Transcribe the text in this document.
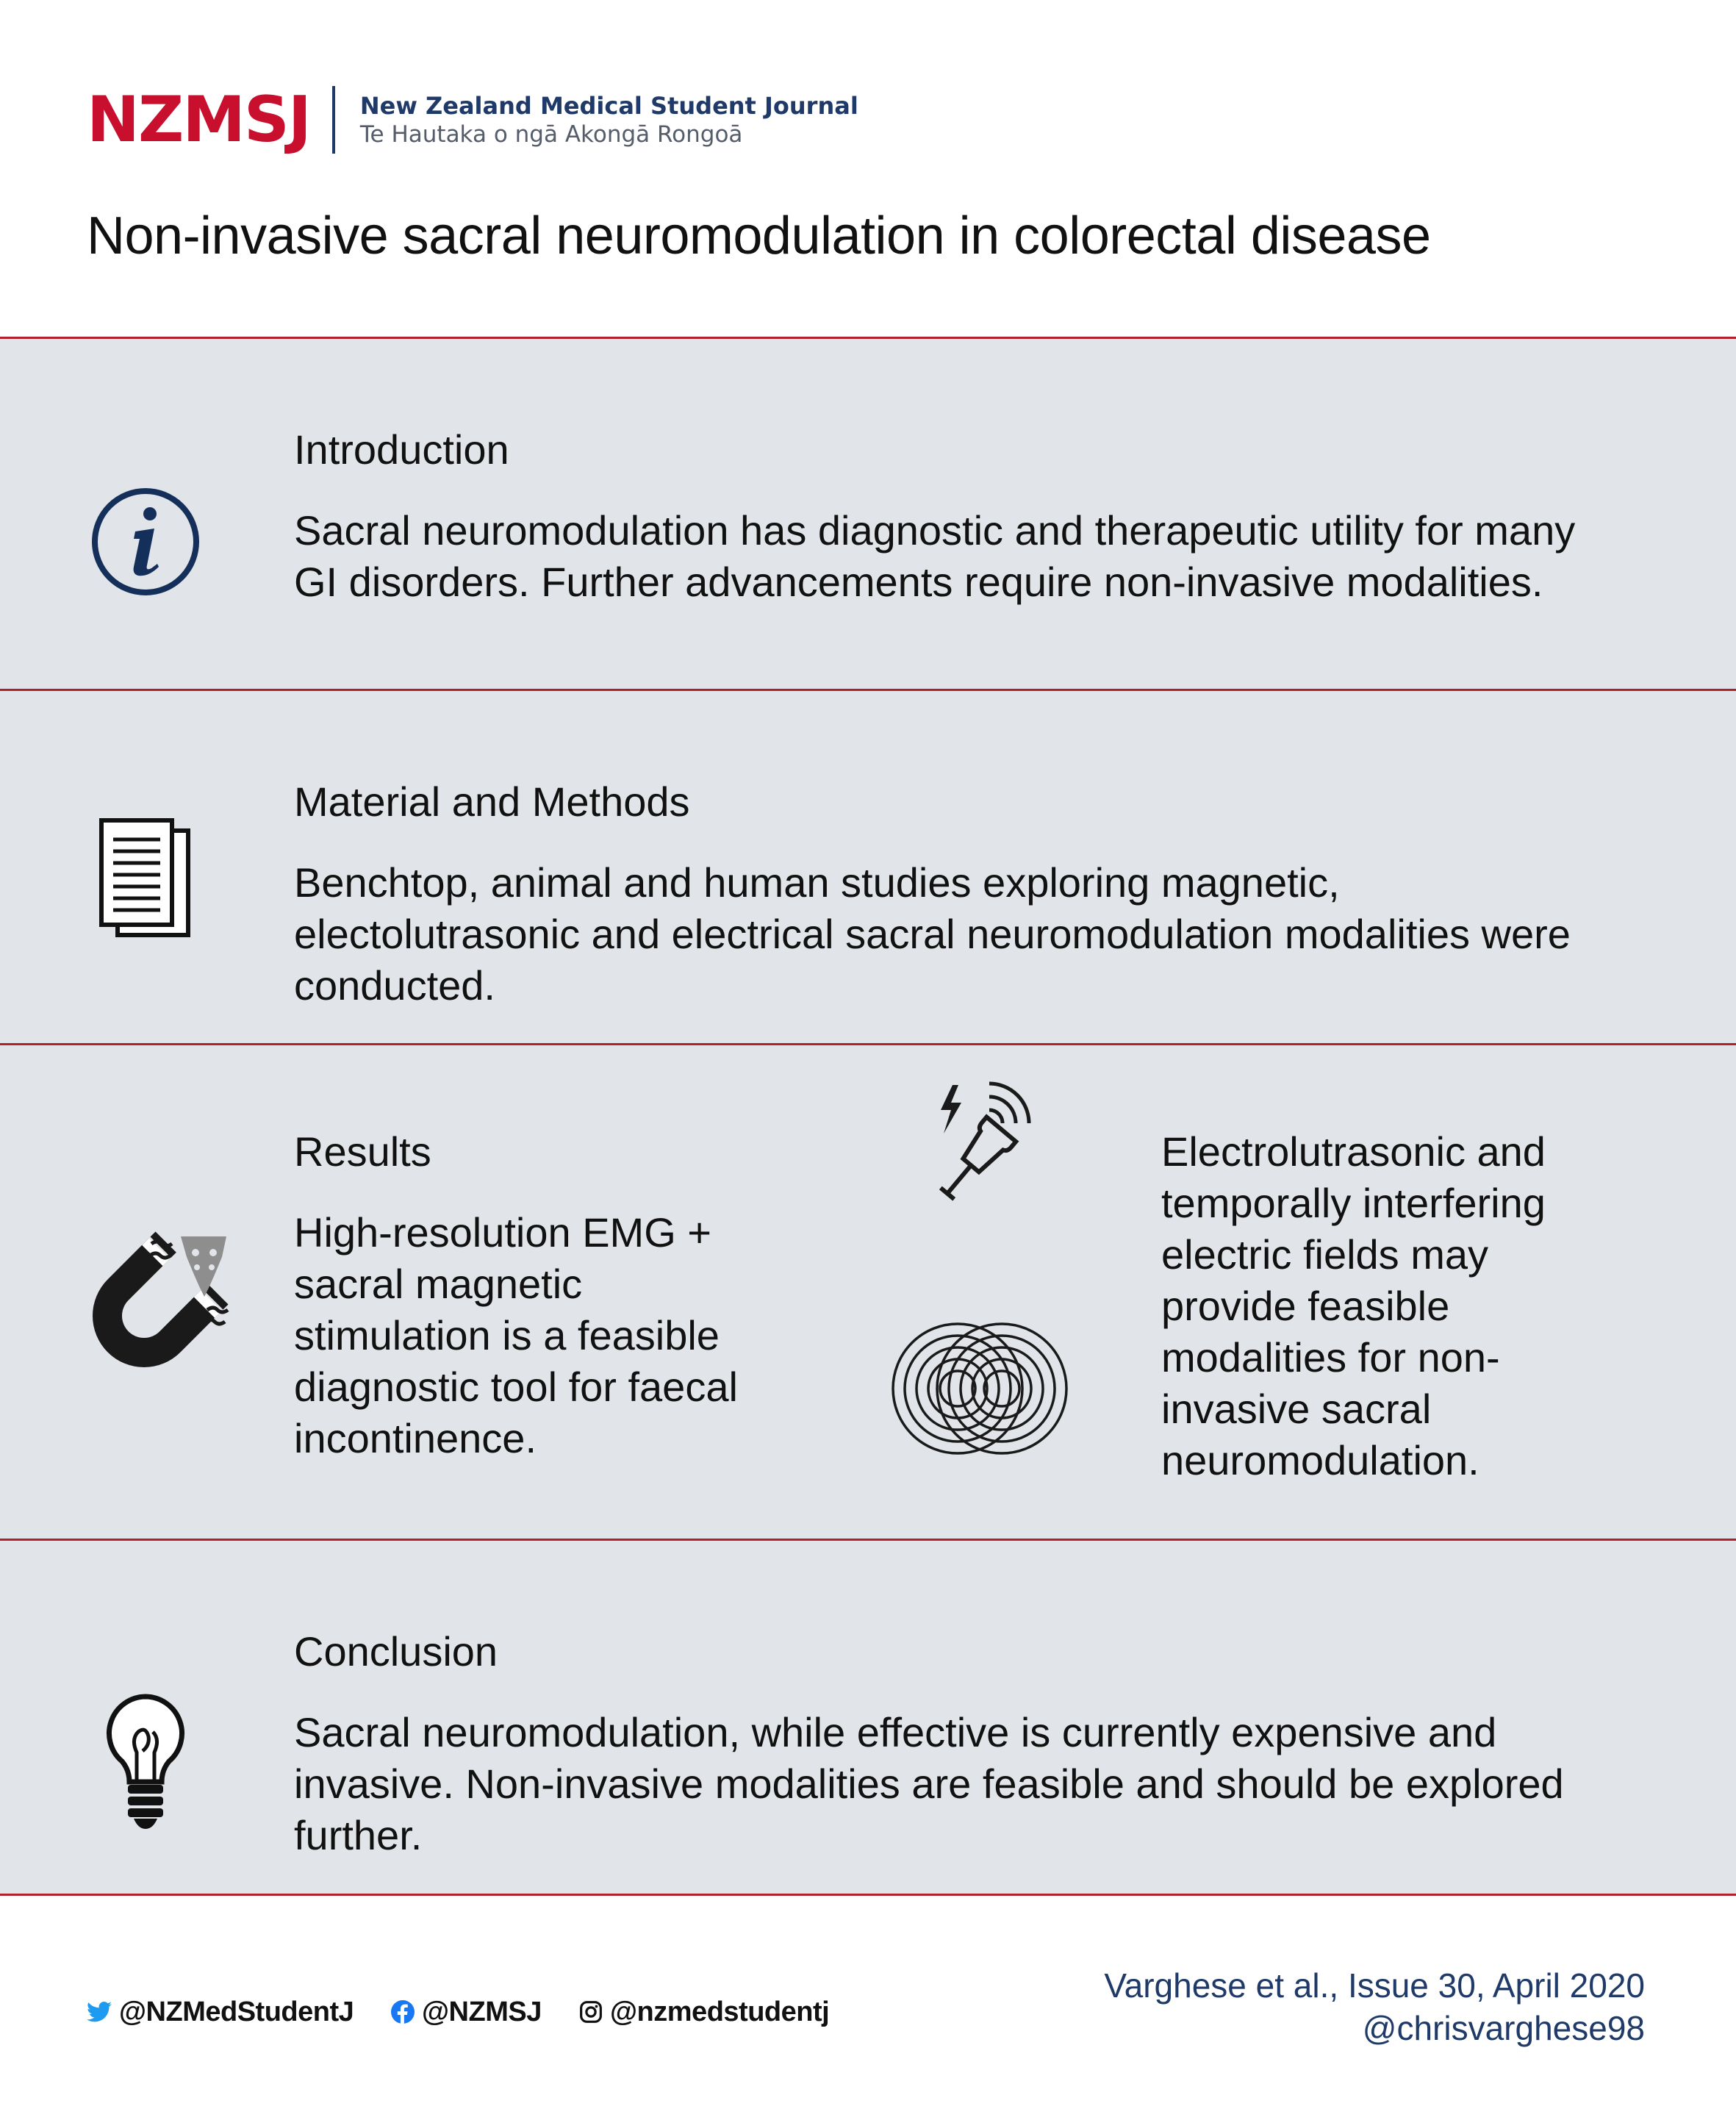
NZMSJ New Zealand Medical Student Journal
Te Hautaka o ngā Akongā Rongoā
Non-invasive sacral neuromodulation in colorectal disease
Introduction

Sacral neuromodulation has diagnostic and therapeutic utility for many
GI disorders. Further advancements require non-invasive modalities.

Material and Methods

Benchtop, animal and human studies exploring magnetic,
electolutrasonic and electrical sacral neuromodulation modalities were
conducted.

Results

High-resolution EMG +
sacral magnetic
stimulation is a feasible
diagnostic tool for faecal
incontinence.

Electrolutrasonic and
temporally interfering
electric fields may
provide feasible
modalities for non-
invasive sacral
neuromodulation.

Conclusion

Sacral neuromodulation, while effective is currently expensive and
invasive. Non-invasive modalities are feasible and should be explored
further.

@NZMedStudentJ @NZMSJ @nzmedstudentj
Varghese et al., Issue 30, April 2020
@chrisvarghese98
